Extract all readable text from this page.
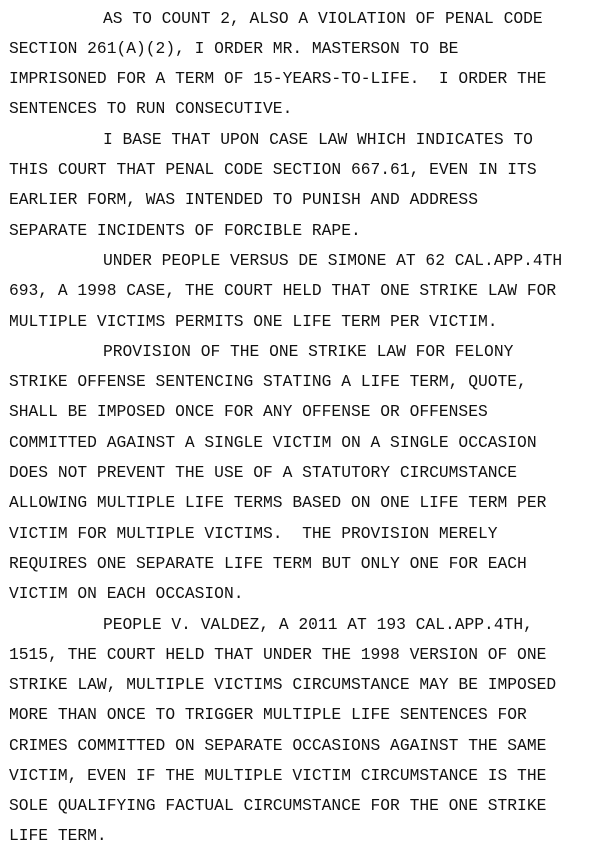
AS TO COUNT 2, ALSO A VIOLATION OF PENAL CODE
SECTION 261(A)(2), I ORDER MR. MASTERSON TO BE
IMPRISONED FOR A TERM OF 15-YEARS-TO-LIFE.  I ORDER THE
SENTENCES TO RUN CONSECUTIVE.
I BASE THAT UPON CASE LAW WHICH INDICATES TO
THIS COURT THAT PENAL CODE SECTION 667.61, EVEN IN ITS
EARLIER FORM, WAS INTENDED TO PUNISH AND ADDRESS
SEPARATE INCIDENTS OF FORCIBLE RAPE.
UNDER PEOPLE VERSUS DE SIMONE AT 62 CAL.APP.4TH
693, A 1998 CASE, THE COURT HELD THAT ONE STRIKE LAW FOR
MULTIPLE VICTIMS PERMITS ONE LIFE TERM PER VICTIM.
PROVISION OF THE ONE STRIKE LAW FOR FELONY
STRIKE OFFENSE SENTENCING STATING A LIFE TERM, QUOTE,
SHALL BE IMPOSED ONCE FOR ANY OFFENSE OR OFFENSES
COMMITTED AGAINST A SINGLE VICTIM ON A SINGLE OCCASION
DOES NOT PREVENT THE USE OF A STATUTORY CIRCUMSTANCE
ALLOWING MULTIPLE LIFE TERMS BASED ON ONE LIFE TERM PER
VICTIM FOR MULTIPLE VICTIMS.  THE PROVISION MERELY
REQUIRES ONE SEPARATE LIFE TERM BUT ONLY ONE FOR EACH
VICTIM ON EACH OCCASION.
PEOPLE V. VALDEZ, A 2011 AT 193 CAL.APP.4TH,
1515, THE COURT HELD THAT UNDER THE 1998 VERSION OF ONE
STRIKE LAW, MULTIPLE VICTIMS CIRCUMSTANCE MAY BE IMPOSED
MORE THAN ONCE TO TRIGGER MULTIPLE LIFE SENTENCES FOR
CRIMES COMMITTED ON SEPARATE OCCASIONS AGAINST THE SAME
VICTIM, EVEN IF THE MULTIPLE VICTIM CIRCUMSTANCE IS THE
SOLE QUALIFYING FACTUAL CIRCUMSTANCE FOR THE ONE STRIKE
LIFE TERM.
